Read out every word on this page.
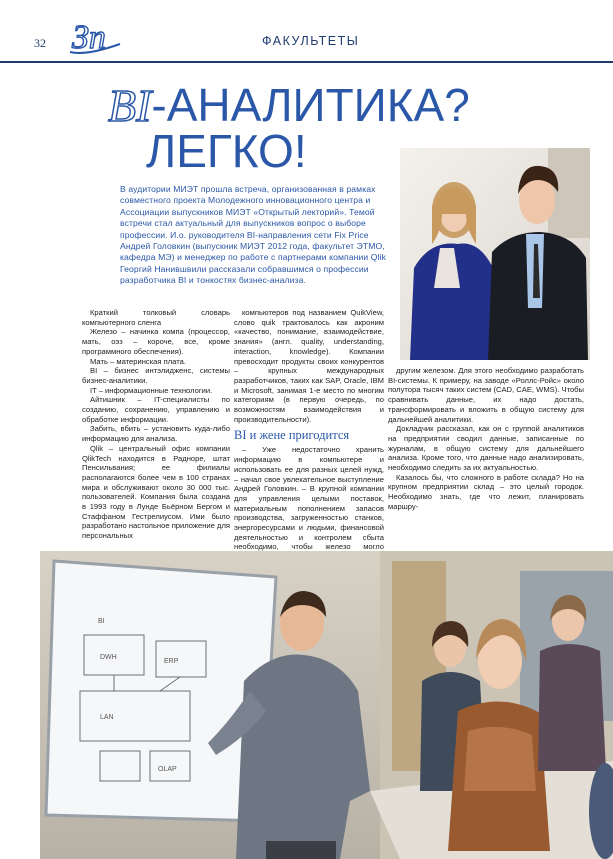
32 Зп	ФАКУЛЬТЕТЫ
BI-АНАЛИТИКА?
ЛЕГКО!
В аудитории МИЭТ прошла встреча, организованная в рамках совместного проекта Молодежного инновационного центра и Ассоциации выпускников МИЭТ «Открытый лекторий». Темой встречи стал актуальный для выпускников вопрос о выборе профессии. И.о. руководителя BI-направления сети Fix Price Андрей Головкин (выпускник МИЭТ 2012 года, факультет ЭТМО, кафедра МЭ) и менеджер по работе с партнерами компании Qlik Георгий Нанившвили рассказали собравшимся о профессии разработчика BI и тонкостях бизнес-анализа.

Краткий толковый словарь компьютерного сленга

Железо – начинка компа (процессор, мать, оэз – короче, все, кроме программного обеспечения).

Мать – материнская плата.

BI – бизнес интэлидженс, системы бизнес-аналитики.

IT – информационные технологии.

Айтишник – IT-специалисты по созданию, сохранению, управлению и обработке информации.

Забить, вбить – установить куда-либо информацию для анализа.

Qlik – центральный офис компании QlikTech находится в Радноре, штат Пенсильвания; ее филиалы располагаются более чем в 100 странах мира и обслуживают около 30 000 тыс. пользователей. Компания была создана в 1993 году в Лунде Бьёрном Бергом и Стаффаном Гестрелиусом. Ими было разработано настольное приложение для персональных

компьютеров под названием QuikView, слово quik трактовалось как акроним «качество, понимание, взаимодействие, знания» (англ. quality, understanding, interaction, knowledge). Компании превосходит продукты своих конкурентов – крупных международных разработчиков, таких как SAP, Oracle, IBM и Microsoft, занимая 1-е место по многим категориям (в первую очередь, по возможностям взаимодействия и производительности).

BI и жене пригодится

– Уже недостаточно хранить информацию в компьютере и использовать ее для разных целей нужд, – начал свое увлекательное выступление Андрей Головкин. – В крупной компании для управления целыми поставок, материальным пополнением запасов производства, загруженностью станков, энергоресурсами и людьми, финансовой деятельностью и контролем сбыта необходимо, чтобы железо могло

другим железом. Для этого необходимо разработать BI-системы. К примеру, на заводе «Роллс-Ройс» около полутора тысяч таких систем (CAD, CAE, WMS). Чтобы сравнивать данные, их надо достать, трансформировать и вложить в общую систему для дальнейшей аналитики.

Докладчик рассказал, как он с группой аналитиков на предприятии сводил данные, записанные по журналам, в общую систему для дальнейшего анализа. Кроме того, что данные надо анализировать, необходимо следить за их актуальностью.

Казалось бы, что сложного в работе склада? Но на крупном предприятии склад – это целый городок. Необходимо знать, где что лежит, планировать маршру-

BI
DWH
ERP
LAN
OLAP
